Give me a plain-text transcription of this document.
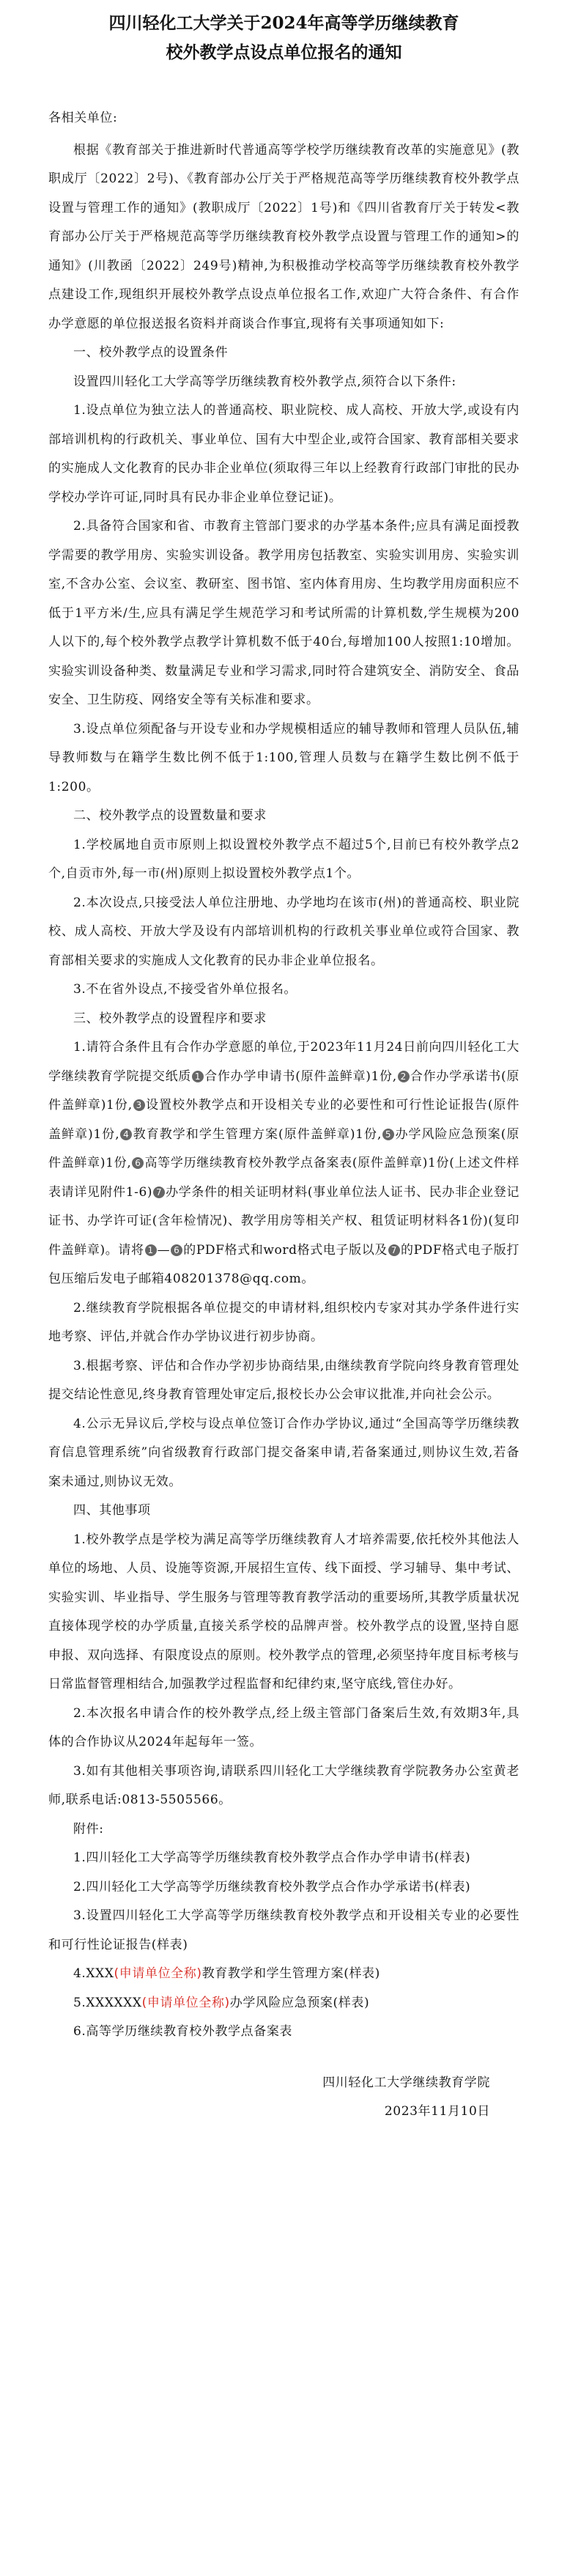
四川轻化工大学关于2024年高等学历继续教育
校外教学点设点单位报名的通知

各相关单位:

根据《教育部关于推进新时代普通高等学校学历继续教育改革的实施意见》(教职成厅〔2022〕2号)、《教育部办公厅关于严格规范高等学历继续教育校外教学点设置与管理工作的通知》(教职成厅〔2022〕1号)和《四川省教育厅关于转发<教育部办公厅关于严格规范高等学历继续教育校外教学点设置与管理工作的通知>的通知》(川教函〔2022〕249号)精神,为积极推动学校高等学历继续教育校外教学点建设工作,现组织开展校外教学点设点单位报名工作,欢迎广大符合条件、有合作办学意愿的单位报送报名资料并商谈合作事宜,现将有关事项通知如下:

一、校外教学点的设置条件

设置四川轻化工大学高等学历继续教育校外教学点,须符合以下条件:

1.设点单位为独立法人的普通高校、职业院校、成人高校、开放大学,或设有内部培训机构的行政机关、事业单位、国有大中型企业,或符合国家、教育部相关要求的实施成人文化教育的民办非企业单位(须取得三年以上经教育行政部门审批的民办学校办学许可证,同时具有民办非企业单位登记证)。

2.具备符合国家和省、市教育主管部门要求的办学基本条件;应具有满足面授教学需要的教学用房、实验实训设备。教学用房包括教室、实验实训用房、实验实训室,不含办公室、会议室、教研室、图书馆、室内体育用房、生均教学用房面积应不低于1平方米/生,应具有满足学生规范学习和考试所需的计算机数,学生规模为200人以下的,每个校外教学点教学计算机数不低于40台,每增加100人按照1:10增加。实验实训设备种类、数量满足专业和学习需求,同时符合建筑安全、消防安全、食品安全、卫生防疫、网络安全等有关标准和要求。

3.设点单位须配备与开设专业和办学规模相适应的辅导教师和管理人员队伍,辅导教师数与在籍学生数比例不低于1:100,管理人员数与在籍学生数比例不低于1:200。

二、校外教学点的设置数量和要求

1.学校属地自贡市原则上拟设置校外教学点不超过5个,目前已有校外教学点2个,自贡市外,每一市(州)原则上拟设置校外教学点1个。

2.本次设点,只接受法人单位注册地、办学地均在该市(州)的普通高校、职业院校、成人高校、开放大学及设有内部培训机构的行政机关事业单位或符合国家、教育部相关要求的实施成人文化教育的民办非企业单位报名。

3.不在省外设点,不接受省外单位报名。

三、校外教学点的设置程序和要求

1.请符合条件且有合作办学意愿的单位,于2023年11月24日前向四川轻化工大学继续教育学院提交纸质 1 合作办学申请书(原件盖鲜章)1份, 2 合作办学承诺书(原件盖鲜章)1份, 3 设置校外教学点和开设相关专业的必要性和可行性论证报告(原件盖鲜章)1份, 4 教育教学和学生管理方案(原件盖鲜章)1份, 5 办学风险应急预案(原件盖鲜章)1份, 6 高等学历继续教育校外教学点备案表(原件盖鲜章)1份(上述文件样表请详见附件1-6) 7 办学条件的相关证明材料(事业单位法人证书、民办非企业登记证书、办学许可证(含年检情况)、教学用房等相关产权、租赁证明材料各1份)(复印件盖鲜章)。请将 1 — 6 的PDF格式和word格式电子版以及 7 的PDF格式电子版打包压缩后发电子邮箱408201378@qq.com。

2.继续教育学院根据各单位提交的申请材料,组织校内专家对其办学条件进行实地考察、评估,并就合作办学协议进行初步协商。

3.根据考察、评估和合作办学初步协商结果,由继续教育学院向终身教育管理处提交结论性意见,终身教育管理处审定后,报校长办公会审议批准,并向社会公示。

4.公示无异议后,学校与设点单位签订合作办学协议,通过“全国高等学历继续教育信息管理系统”向省级教育行政部门提交备案申请,若备案通过,则协议生效,若备案未通过,则协议无效。

四、其他事项

1.校外教学点是学校为满足高等学历继续教育人才培养需要,依托校外其他法人单位的场地、人员、设施等资源,开展招生宣传、线下面授、学习辅导、集中考试、实验实训、毕业指导、学生服务与管理等教育教学活动的重要场所,其教学质量状况直接体现学校的办学质量,直接关系学校的品牌声誉。校外教学点的设置,坚持自愿申报、双向选择、有限度设点的原则。校外教学点的管理,必须坚持年度目标考核与日常监督管理相结合,加强教学过程监督和纪律约束,坚守底线,管住办好。

2.本次报名申请合作的校外教学点,经上级主管部门备案后生效,有效期3年,具体的合作协议从2024年起每年一签。

3.如有其他相关事项咨询,请联系四川轻化工大学继续教育学院教务办公室黄老师,联系电话:0813-5505566。

附件:

1.四川轻化工大学高等学历继续教育校外教学点合作办学申请书(样表)

2.四川轻化工大学高等学历继续教育校外教学点合作办学承诺书(样表)

3.设置四川轻化工大学高等学历继续教育校外教学点和开设相关专业的必要性和可行性论证报告(样表)

4.XXX(申请单位全称)教育教学和学生管理方案(样表)

5.XXXXXX(申请单位全称)办学风险应急预案(样表)

6.高等学历继续教育校外教学点备案表

四川轻化工大学继续教育学院

2023年11月10日
